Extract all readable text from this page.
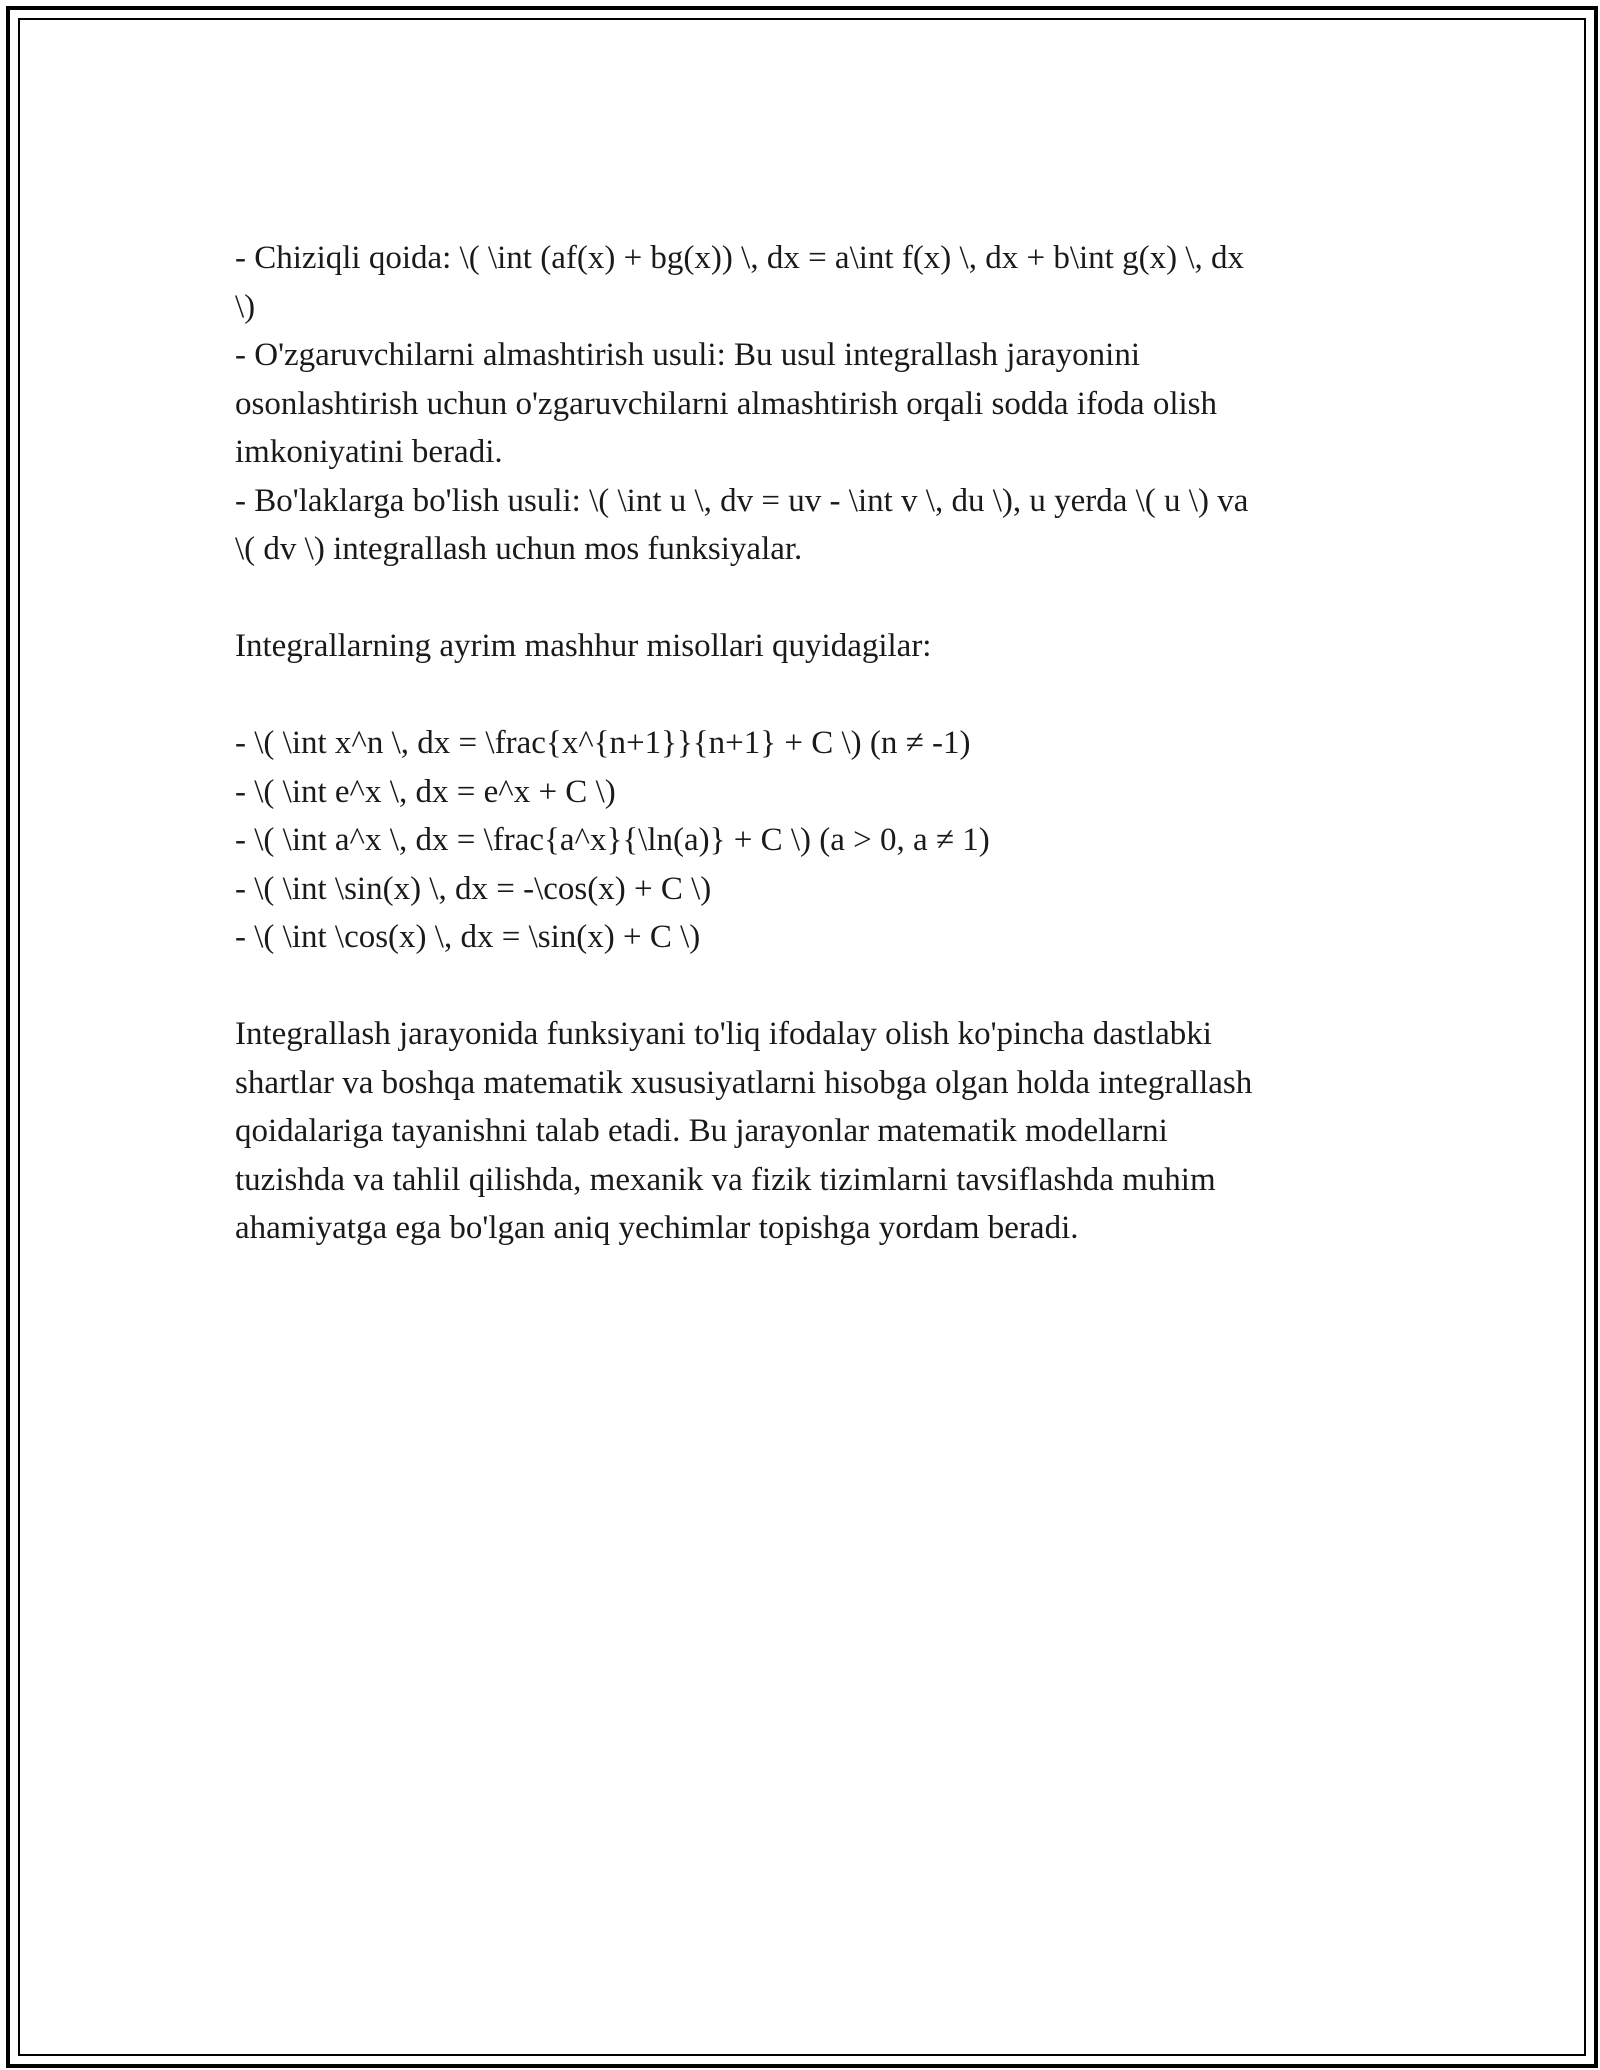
- Chiziqli qoida: \( \int (af(x) + bg(x)) \, dx = a\int f(x) \, dx + b\int g(x) \, dx
\)
- O'zgaruvchilarni almashtirish usuli: Bu usul integrallash jarayonini
osonlashtirish uchun o'zgaruvchilarni almashtirish orqali sodda ifoda olish
imkoniyatini beradi.
- Bo'laklarga bo'lish usuli: \( \int u \, dv = uv - \int v \, du \), u yerda \( u \) va
\( dv \) integrallash uchun mos funksiyalar.
Integrallarning ayrim mashhur misollari quyidagilar:
- \( \int x^n \, dx = \frac{x^{n+1}}{n+1} + C \) (n ≠ -1)
- \( \int e^x \, dx = e^x + C \)
- \( \int a^x \, dx = \frac{a^x}{\ln(a)} + C \) (a > 0, a ≠ 1)
- \( \int \sin(x) \, dx = -\cos(x) + C \)
- \( \int \cos(x) \, dx = \sin(x) + C \)
Integrallash jarayonida funksiyani to'liq ifodalay olish ko'pincha dastlabki
shartlar va boshqa matematik xususiyatlarni hisobga olgan holda integrallash
qoidalariga tayanishni talab etadi. Bu jarayonlar matematik modellarni
tuzishda va tahlil qilishda, mexanik va fizik tizimlarni tavsiflashda muhim
ahamiyatga ega bo'lgan aniq yechimlar topishga yordam beradi.
